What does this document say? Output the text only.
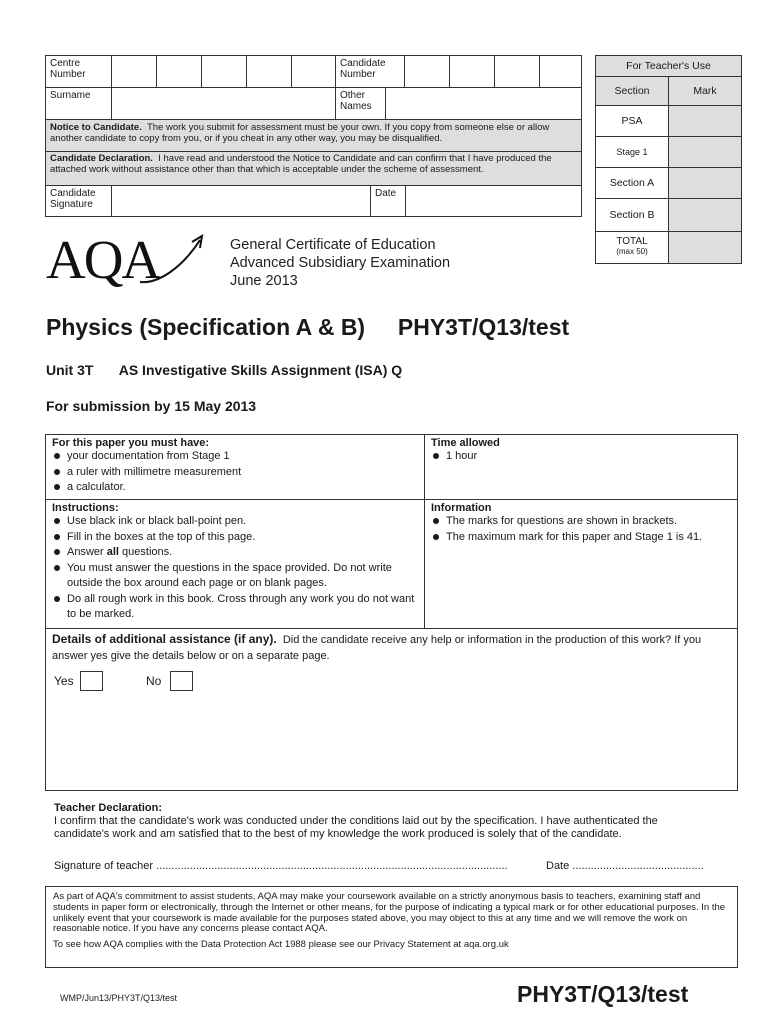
Centre
Number
Candidate
Number
Surname	Other
Names
Notice to Candidate. The work you submit for assessment must be your own. If you copy from someone else or allow another candidate to copy from you, or if you cheat in any other way, you may be disqualified.
Candidate Declaration. I have read and understood the Notice to Candidate and can confirm that I have produced the attached work without assistance other than that which is acceptable under the scheme of assessment.
Candidate
Signature
Date
For Teacher's Use
Section	Mark
PSA
Stage 1
Section A
Section B
TOTAL
(max 50)
AQA	General Certificate of Education
Advanced Subsidiary Examination
June 2013
Physics (Specification A & B) PHY3T/Q13/test
Unit 3T AS Investigative Skills Assignment (ISA) Q
For submission by 15 May 2013
For this paper you must have:
your documentation from Stage 1
a ruler with millimetre measurement
a calculator.
Time allowed
1 hour
Instructions:
Use black ink or black ball-point pen.
Fill in the boxes at the top of this page.
Answer all questions.
You must answer the questions in the space provided. Do not write outside the box around each page or on blank pages.
Do all rough work in this book. Cross through any work you do not want to be marked.
Information
The marks for questions are shown in brackets.
The maximum mark for this paper and Stage 1 is 41.
Details of additional assistance (if any). Did the candidate receive any help or information in the production of this work? If you answer yes give the details below or on a separate page.
Yes	No
Teacher Declaration:
I confirm that the candidate's work was conducted under the conditions laid out by the specification. I have authenticated the candidate's work and am satisfied that to the best of my knowledge the work produced is solely that of the candidate.
Signature of teacher ...................................................................................................................	Date ...........................................
As part of AQA's commitment to assist students, AQA may make your coursework available on a strictly anonymous basis to teachers, examining staff and students in paper form or electronically, through the Internet or other means, for the purpose of indicating a typical mark or for other educational purposes. In the unlikely event that your coursework is made available for the purposes stated above, you may object to this at any time and we will remove the work on reasonable notice. If you have any concerns please contact AQA.
To see how AQA complies with the Data Protection Act 1988 please see our Privacy Statement at aqa.org.uk
WMP/Jun13/PHY3T/Q13/test	PHY3T/Q13/test
